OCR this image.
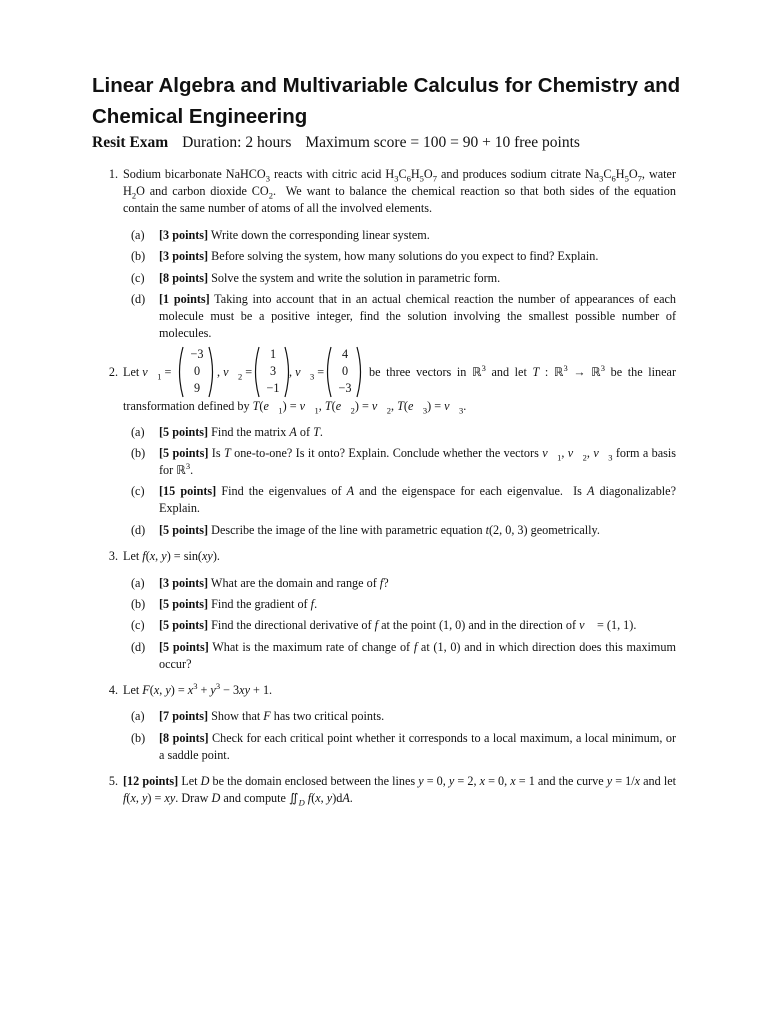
Linear Algebra and Multivariable Calculus for Chemistry and Chemical Engineering
Resit Exam Duration: 2 hours Maximum score = 100 = 90 + 10 free points
1. Sodium bicarbonate NaHCO$_3$ reacts with citric acid $H_3C_6H_5O_7$ and produces sodium citrate $Na_3C_6H_5O_7$, water $H_2O$ and carbon dioxide $CO_2$.  We want to balance the chemical reaction so that both sides of the equation contain the same number of atoms of all the involved elements.
(a)	[3 points] Write down the corresponding linear system.
(b)	[3 points] Before solving the system, how many solutions do you expect to find? Explain.
(c)	[8 points] Solve the system and write the solution in parametric form.
(d)	[1 points] Taking into account that in an actual chemical reaction the number of appearances of each molecule must be a positive integer, find the solution involving the smallest possible number of molecules.
2. Let $v⃗_1$ =
−3
0
9
, $v⃗_2$ =
1
3
−1
, $v⃗_3$ =
4
0
−3
be three vectors in ℝ$^3$ and let T : ℝ$^3$ → ℝ$^3$ be the linear
transformation defined by $T(e⃗_1)$ = $v⃗_1$, $T(e⃗_2)$ = $v⃗_2$, $T(e⃗_3)$ = $v⃗_3$.
(a)	[5 points] Find the matrix A of T.
(b)	[5 points] Is T one-to-one? Is it onto? Explain. Conclude whether the vectors $v⃗_1$, $v⃗_2$, $v⃗_3$ form a basis for ℝ$^3$.
(c)	[15 points] Find the eigenvalues of A and the eigenspace for each eigenvalue.  Is A diagonalizable? Explain.
(d)	[5 points] Describe the image of the line with parametric equation t(2, 0, 3) geometrically.
3. Let f(x, y) = sin(xy).
(a)	[3 points] What are the domain and range of f?
(b)	[5 points] Find the gradient of f.
(c)	[5 points] Find the directional derivative of f at the point (1, 0) and in the direction of v⃗ = (1, 1).
(d)	[5 points] What is the maximum rate of change of f at (1, 0) and in which direction does this maximum occur?
4. Let F(x, $y) = x^3 + y^3 - 3xy + 1$.
(a)	[7 points] Show that F has two critical points.
(b)	[8 points] Check for each critical point whether it corresponds to a local maximum, a local minimum, or a saddle point.
5. [12 points] Let D be the domain enclosed between the lines y = 0, y = 2, x = 0, x = 1 and the curve y = 1/x and let f(x, y) = xy. Draw D and compute $∬_D$ f(x, y)dA.
